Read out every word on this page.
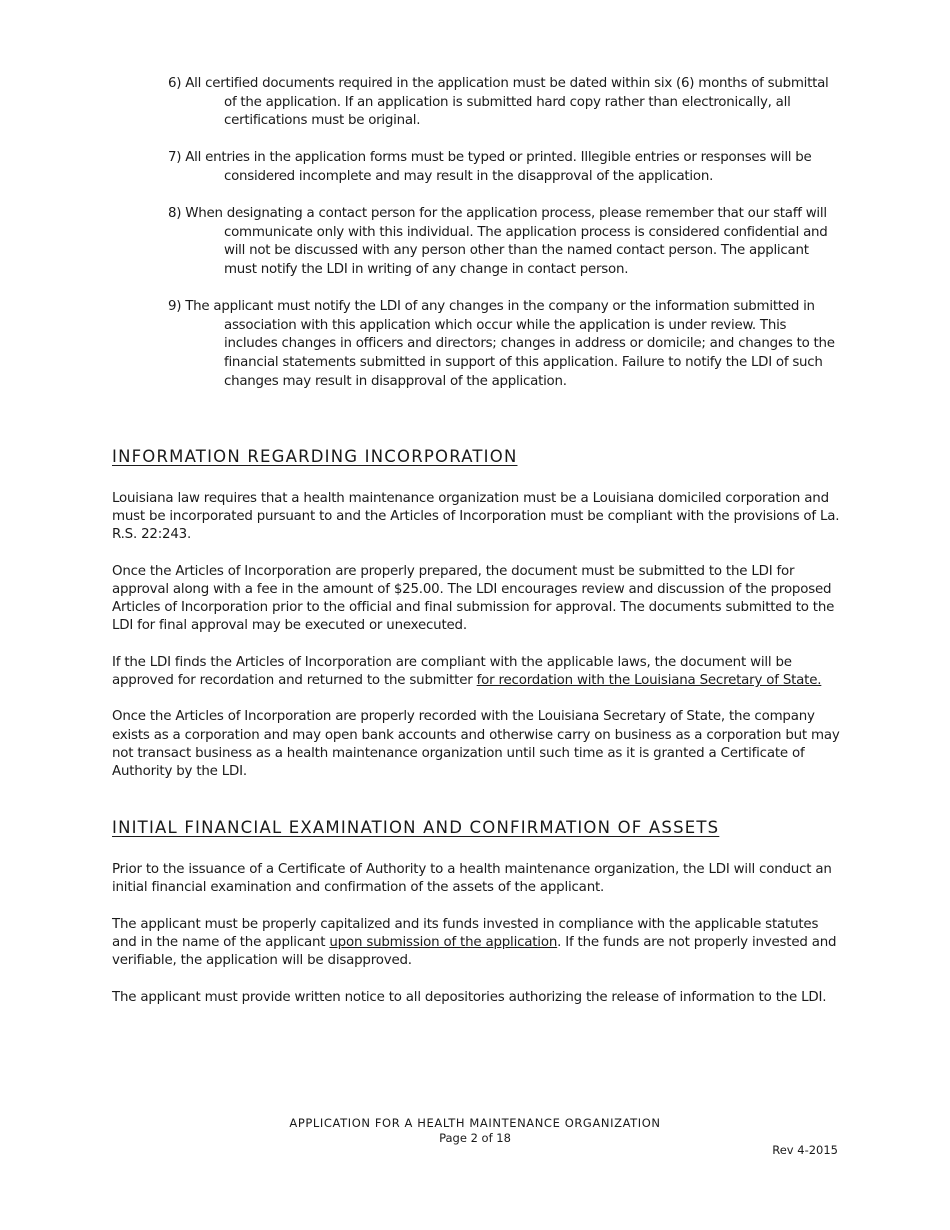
6) All certified documents required in the application must be dated within six (6) months of submittal of the application. If an application is submitted hard copy rather than electronically, all certifications must be original.
7) All entries in the application forms must be typed or printed. Illegible entries or responses will be considered incomplete and may result in the disapproval of the application.
8) When designating a contact person for the application process, please remember that our staff will communicate only with this individual. The application process is considered confidential and will not be discussed with any person other than the named contact person. The applicant must notify the LDI in writing of any change in contact person.
9) The applicant must notify the LDI of any changes in the company or the information submitted in association with this application which occur while the application is under review. This includes changes in officers and directors; changes in address or domicile; and changes to the financial statements submitted in support of this application. Failure to notify the LDI of such changes may result in disapproval of the application.
INFORMATION REGARDING INCORPORATION

Louisiana law requires that a health maintenance organization must be a Louisiana domiciled corporation and must be incorporated pursuant to and the Articles of Incorporation must be compliant with the provisions of La. R.S. 22:243.

Once the Articles of Incorporation are properly prepared, the document must be submitted to the LDI for approval along with a fee in the amount of $25.00. The LDI encourages review and discussion of the proposed Articles of Incorporation prior to the official and final submission for approval. The documents submitted to the LDI for final approval may be executed or unexecuted.

If the LDI finds the Articles of Incorporation are compliant with the applicable laws, the document will be approved for recordation and returned to the submitter for recordation with the Louisiana Secretary of State.

Once the Articles of Incorporation are properly recorded with the Louisiana Secretary of State, the company exists as a corporation and may open bank accounts and otherwise carry on business as a corporation but may not transact business as a health maintenance organization until such time as it is granted a Certificate of Authority by the LDI.

INITIAL FINANCIAL EXAMINATION AND CONFIRMATION OF ASSETS

Prior to the issuance of a Certificate of Authority to a health maintenance organization, the LDI will conduct an initial financial examination and confirmation of the assets of the applicant.

The applicant must be properly capitalized and its funds invested in compliance with the applicable statutes and in the name of the applicant upon submission of the application. If the funds are not properly invested and verifiable, the application will be disapproved.

The applicant must provide written notice to all depositories authorizing the release of information to the LDI.

APPLICATION FOR A HEALTH MAINTENANCE ORGANIZATION
Page 2 of 18
Rev 4-2015
